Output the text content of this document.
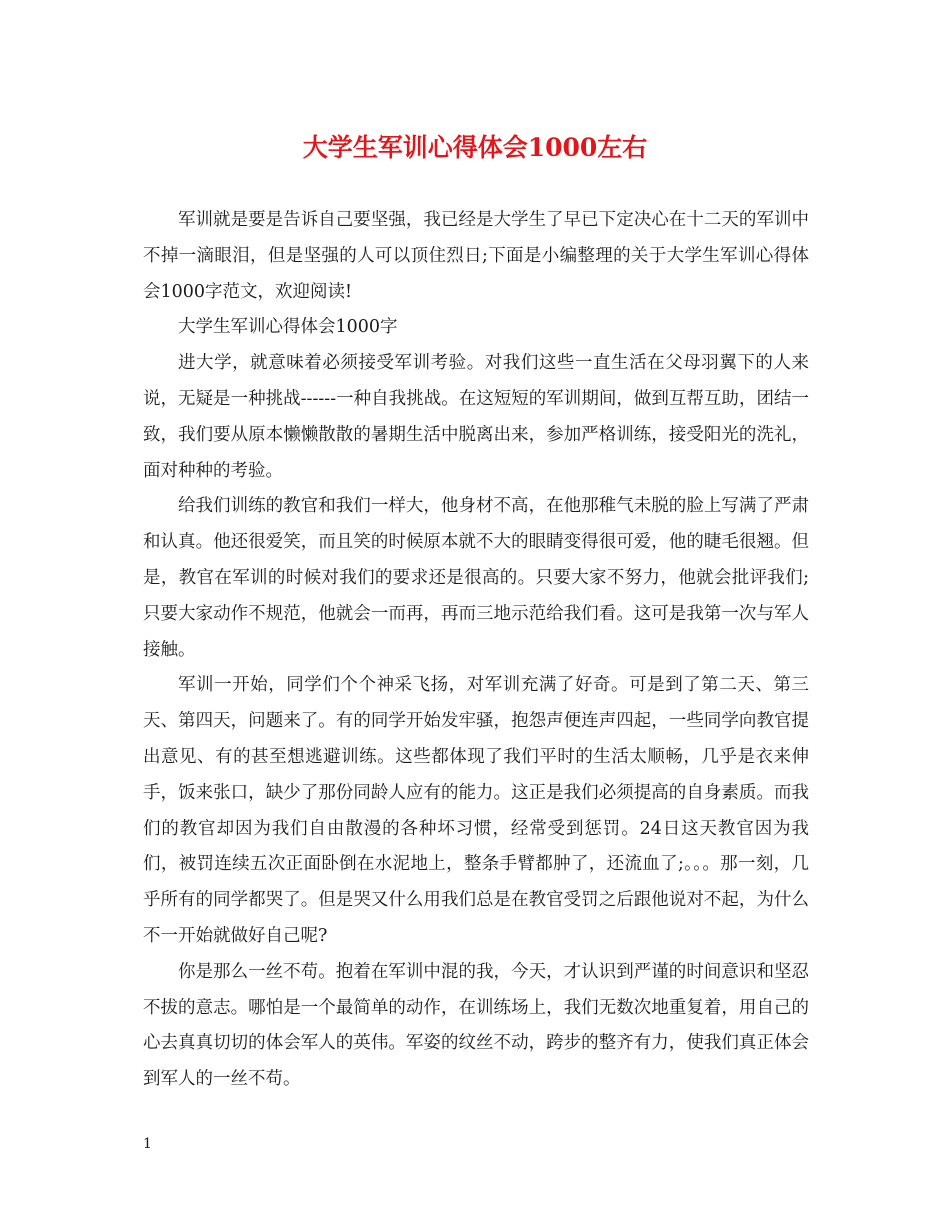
大学生军训心得体会1000左右

军训就是要是告诉自己要坚强，我已经是大学生了早已下定决心在十二天的军训中不掉一滴眼泪，但是坚强的人可以顶住烈日;下面是小编整理的关于大学生军训心得体会1000字范文，欢迎阅读!

大学生军训心得体会1000字

进大学，就意味着必须接受军训考验。对我们这些一直生活在父母羽翼下的人来说，无疑是一种挑战------一种自我挑战。在这短短的军训期间，做到互帮互助，团结一致，我们要从原本懒懒散散的暑期生活中脱离出来，参加严格训练，接受阳光的洗礼，面对种种的考验。

给我们训练的教官和我们一样大，他身材不高，在他那稚气未脱的脸上写满了严肃和认真。他还很爱笑，而且笑的时候原本就不大的眼睛变得很可爱，他的睫毛很翘。但是，教官在军训的时候对我们的要求还是很高的。只要大家不努力，他就会批评我们;只要大家动作不规范，他就会一而再，再而三地示范给我们看。这可是我第一次与军人接触。

军训一开始，同学们个个神采飞扬，对军训充满了好奇。可是到了第二天、第三天、第四天，问题来了。有的同学开始发牢骚，抱怨声便连声四起，一些同学向教官提出意见、有的甚至想逃避训练。这些都体现了我们平时的生活太顺畅，几乎是衣来伸手，饭来张口，缺少了那份同龄人应有的能力。这正是我们必须提高的自身素质。而我们的教官却因为我们自由散漫的各种坏习惯，经常受到惩罚。24日这天教官因为我们，被罚连续五次正面卧倒在水泥地上，整条手臂都肿了，还流血了;。。。那一刻，几乎所有的同学都哭了。但是哭又什么用我们总是在教官受罚之后跟他说对不起，为什么不一开始就做好自己呢?

你是那么一丝不苟。抱着在军训中混的我，今天，才认识到严谨的时间意识和坚忍不拔的意志。哪怕是一个最简单的动作，在训练场上，我们无数次地重复着，用自己的心去真真切切的体会军人的英伟。军姿的纹丝不动，跨步的整齐有力，使我们真正体会到军人的一丝不苟。

1
